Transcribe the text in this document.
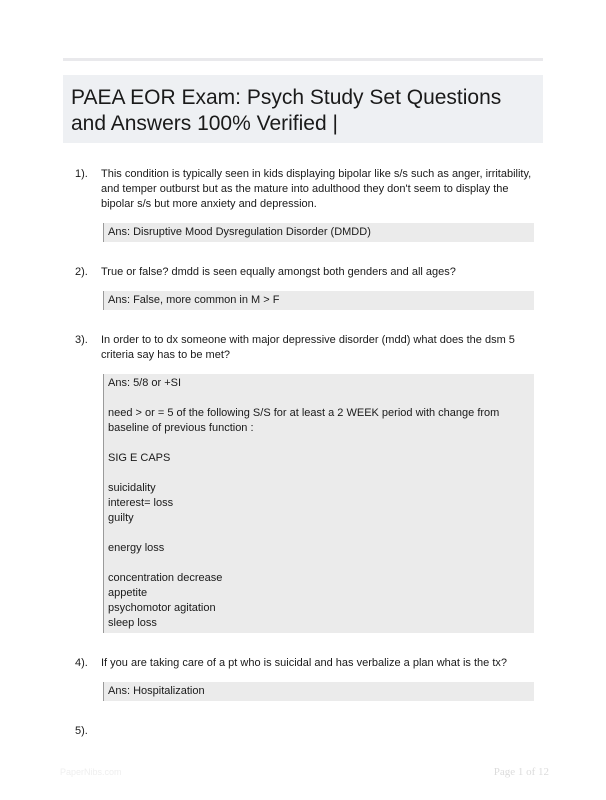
PAEA EOR Exam: Psych Study Set Questions and Answers 100% Verified |
1). This condition is typically seen in kids displaying bipolar like s/s such as anger, irritability, and temper outburst but as the mature into adulthood they don't seem to display the bipolar s/s but more anxiety and depression.

Ans: Disruptive Mood Dysregulation Disorder (DMDD)

2). True or false? dmdd is seen equally amongst both genders and all ages?

Ans: False, more common in M > F

3). In order to to dx someone with major depressive disorder (mdd) what does the dsm 5 criteria say has to be met?

Ans: 5/8 or +SI

need > or = 5 of the following S/S for at least a 2 WEEK period with change from baseline of previous function :

SIG E CAPS

suicidality

interest= loss

guilty

energy loss

concentration decrease

appetite

psychomotor agitation

sleep loss

4). If you are taking care of a pt who is suicidal and has verbalize a plan what is the tx?

Ans: Hospitalization

5).
PaperNibs.com	Page 1 of 12
